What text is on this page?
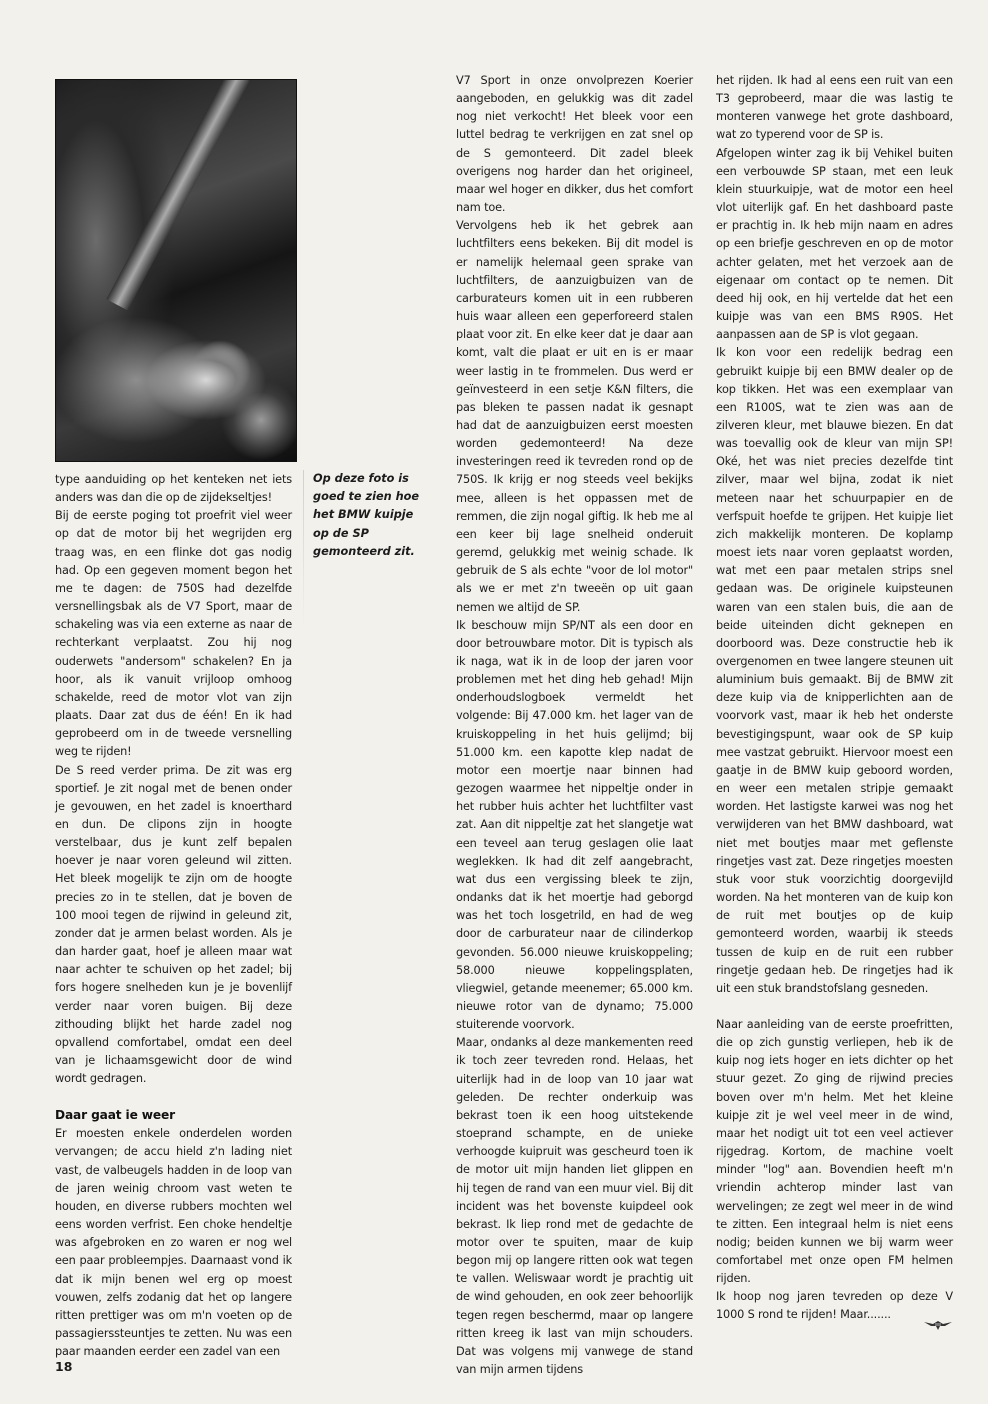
Op deze foto is goed te zien hoe het BMW kuipje op de SP gemonteerd zit.

type aanduiding op het kenteken net iets anders was dan die op de zijdekseltjes!

Bij de eerste poging tot proefrit viel weer op dat de motor bij het wegrijden erg traag was, en een flinke dot gas nodig had. Op een gegeven moment begon het me te dagen: de 750S had dezelfde versnellingsbak als de V7 Sport, maar de schakeling was via een externe as naar de rechterkant verplaatst. Zou hij nog ouderwets "andersom" schakelen? En ja hoor, als ik vanuit vrijloop omhoog schakelde, reed de motor vlot van zijn plaats. Daar zat dus de één! En ik had geprobeerd om in de tweede versnelling weg te rijden!

De S reed verder prima. De zit was erg sportief. Je zit nogal met de benen onder je gevouwen, en het zadel is knoerthard en dun. De clipons zijn in hoogte verstelbaar, dus je kunt zelf bepalen hoever je naar voren geleund wil zitten. Het bleek mogelijk te zijn om de hoogte precies zo in te stellen, dat je boven de 100 mooi tegen de rijwind in geleund zit, zonder dat je armen belast worden. Als je dan harder gaat, hoef je alleen maar wat naar achter te schuiven op het zadel; bij fors hogere snelheden kun je je bovenlijf verder naar voren buigen. Bij deze zithouding blijkt het harde zadel nog opvallend comfortabel, omdat een deel van je lichaamsgewicht door de wind wordt gedragen.

Daar gaat ie weer

Er moesten enkele onderdelen worden vervangen; de accu hield z'n lading niet vast, de valbeugels hadden in de loop van de jaren weinig chroom vast weten te houden, en diverse rubbers mochten wel eens worden verfrist. Een choke hendeltje was afgebroken en zo waren er nog wel een paar probleempjes. Daarnaast vond ik dat ik mijn benen wel erg op moest vouwen, zelfs zodanig dat het op langere ritten prettiger was om m'n voeten op de passagierssteuntjes te zetten. Nu was een paar maanden eerder een zadel van een

V7 Sport in onze onvolprezen Koerier aangeboden, en gelukkig was dit zadel nog niet verkocht! Het bleek voor een luttel bedrag te verkrijgen en zat snel op de S gemonteerd. Dit zadel bleek overigens nog harder dan het origineel, maar wel hoger en dikker, dus het comfort nam toe.

Vervolgens heb ik het gebrek aan luchtfilters eens bekeken. Bij dit model is er namelijk helemaal geen sprake van luchtfilters, de aanzuigbuizen van de carburateurs komen uit in een rubberen huis waar alleen een geperforeerd stalen plaat voor zit. En elke keer dat je daar aan komt, valt die plaat er uit en is er maar weer lastig in te frommelen. Dus werd er geïnvesteerd in een setje K&N filters, die pas bleken te passen nadat ik gesnapt had dat de aanzuigbuizen eerst moesten worden gedemonteerd! Na deze investeringen reed ik tevreden rond op de 750S. Ik krijg er nog steeds veel bekijks mee, alleen is het oppassen met de remmen, die zijn nogal giftig. Ik heb me al een keer bij lage snelheid onderuit geremd, gelukkig met weinig schade. Ik gebruik de S als echte "voor de lol motor" als we er met z'n tweeën op uit gaan nemen we altijd de SP.

Ik beschouw mijn SP/NT als een door en door betrouwbare motor. Dit is typisch als ik naga, wat ik in de loop der jaren voor problemen met het ding heb gehad! Mijn onderhoudslogboek vermeldt het volgende: Bij 47.000 km. het lager van de kruiskoppeling in het huis gelijmd; bij 51.000 km. een kapotte klep nadat de motor een moertje naar binnen had gezogen waarmee het nippeltje onder in het rubber huis achter het luchtfilter vast zat. Aan dit nippeltje zat het slangetje wat een teveel aan terug geslagen olie laat weglekken. Ik had dit zelf aangebracht, wat dus een vergissing bleek te zijn, ondanks dat ik het moertje had geborgd was het toch losgetrild, en had de weg door de carburateur naar de cilinderkop gevonden. 56.000 nieuwe kruiskoppeling; 58.000 nieuwe koppelingsplaten, vliegwiel, getande meenemer; 65.000 km. nieuwe rotor van de dynamo; 75.000 stuiterende voorvork.

Maar, ondanks al deze mankementen reed ik toch zeer tevreden rond. Helaas, het uiterlijk had in de loop van 10 jaar wat geleden. De rechter onderkuip was bekrast toen ik een hoog uitstekende stoeprand schampte, en de unieke verhoogde kuipruit was gescheurd toen ik de motor uit mijn handen liet glippen en hij tegen de rand van een muur viel. Bij dit incident was het bovenste kuipdeel ook bekrast. Ik liep rond met de gedachte de motor over te spuiten, maar de kuip begon mij op langere ritten ook wat tegen te vallen. Weliswaar wordt je prachtig uit de wind gehouden, en ook zeer behoorlijk tegen regen beschermd, maar op langere ritten kreeg ik last van mijn schouders. Dat was volgens mij vanwege de stand van mijn armen tijdens

het rijden. Ik had al eens een ruit van een T3 geprobeerd, maar die was lastig te monteren vanwege het grote dashboard, wat zo typerend voor de SP is.

Afgelopen winter zag ik bij Vehikel buiten een verbouwde SP staan, met een leuk klein stuurkuipje, wat de motor een heel vlot uiterlijk gaf. En het dashboard paste er prachtig in. Ik heb mijn naam en adres op een briefje geschreven en op de motor achter gelaten, met het verzoek aan de eigenaar om contact op te nemen. Dit deed hij ook, en hij vertelde dat het een kuipje was van een BMS R90S. Het aanpassen aan de SP is vlot gegaan.

Ik kon voor een redelijk bedrag een gebruikt kuipje bij een BMW dealer op de kop tikken. Het was een exemplaar van een R100S, wat te zien was aan de zilveren kleur, met blauwe biezen. En dat was toevallig ook de kleur van mijn SP! Oké, het was niet precies dezelfde tint zilver, maar wel bijna, zodat ik niet meteen naar het schuurpapier en de verfspuit hoefde te grijpen. Het kuipje liet zich makkelijk monteren. De koplamp moest iets naar voren geplaatst worden, wat met een paar metalen strips snel gedaan was. De originele kuipsteunen waren van een stalen buis, die aan de beide uiteinden dicht geknepen en doorboord was. Deze constructie heb ik overgenomen en twee langere steunen uit aluminium buis gemaakt. Bij de BMW zit deze kuip via de knipperlichten aan de voorvork vast, maar ik heb het onderste bevestigingspunt, waar ook de SP kuip mee vastzat gebruikt. Hiervoor moest een gaatje in de BMW kuip geboord worden, en weer een metalen stripje gemaakt worden. Het lastigste karwei was nog het verwijderen van het BMW dashboard, wat niet met boutjes maar met geflenste ringetjes vast zat. Deze ringetjes moesten stuk voor stuk voorzichtig doorgevijld worden. Na het monteren van de kuip kon de ruit met boutjes op de kuip gemonteerd worden, waarbij ik steeds tussen de kuip en de ruit een rubber ringetje gedaan heb. De ringetjes had ik uit een stuk brandstofslang gesneden.

Naar aanleiding van de eerste proefritten, die op zich gunstig verliepen, heb ik de kuip nog iets hoger en iets dichter op het stuur gezet. Zo ging de rijwind precies boven over m'n helm. Met het kleine kuipje zit je wel veel meer in de wind, maar het nodigt uit tot een veel actiever rijgedrag. Kortom, de machine voelt minder "log" aan. Bovendien heeft m'n vriendin achterop minder last van wervelingen; ze zegt wel meer in de wind te zitten. Een integraal helm is niet eens nodig; beiden kunnen we bij warm weer comfortabel met onze open FM helmen rijden.

Ik hoop nog jaren tevreden op deze V 1000 S rond te rijden! Maar.......

18
